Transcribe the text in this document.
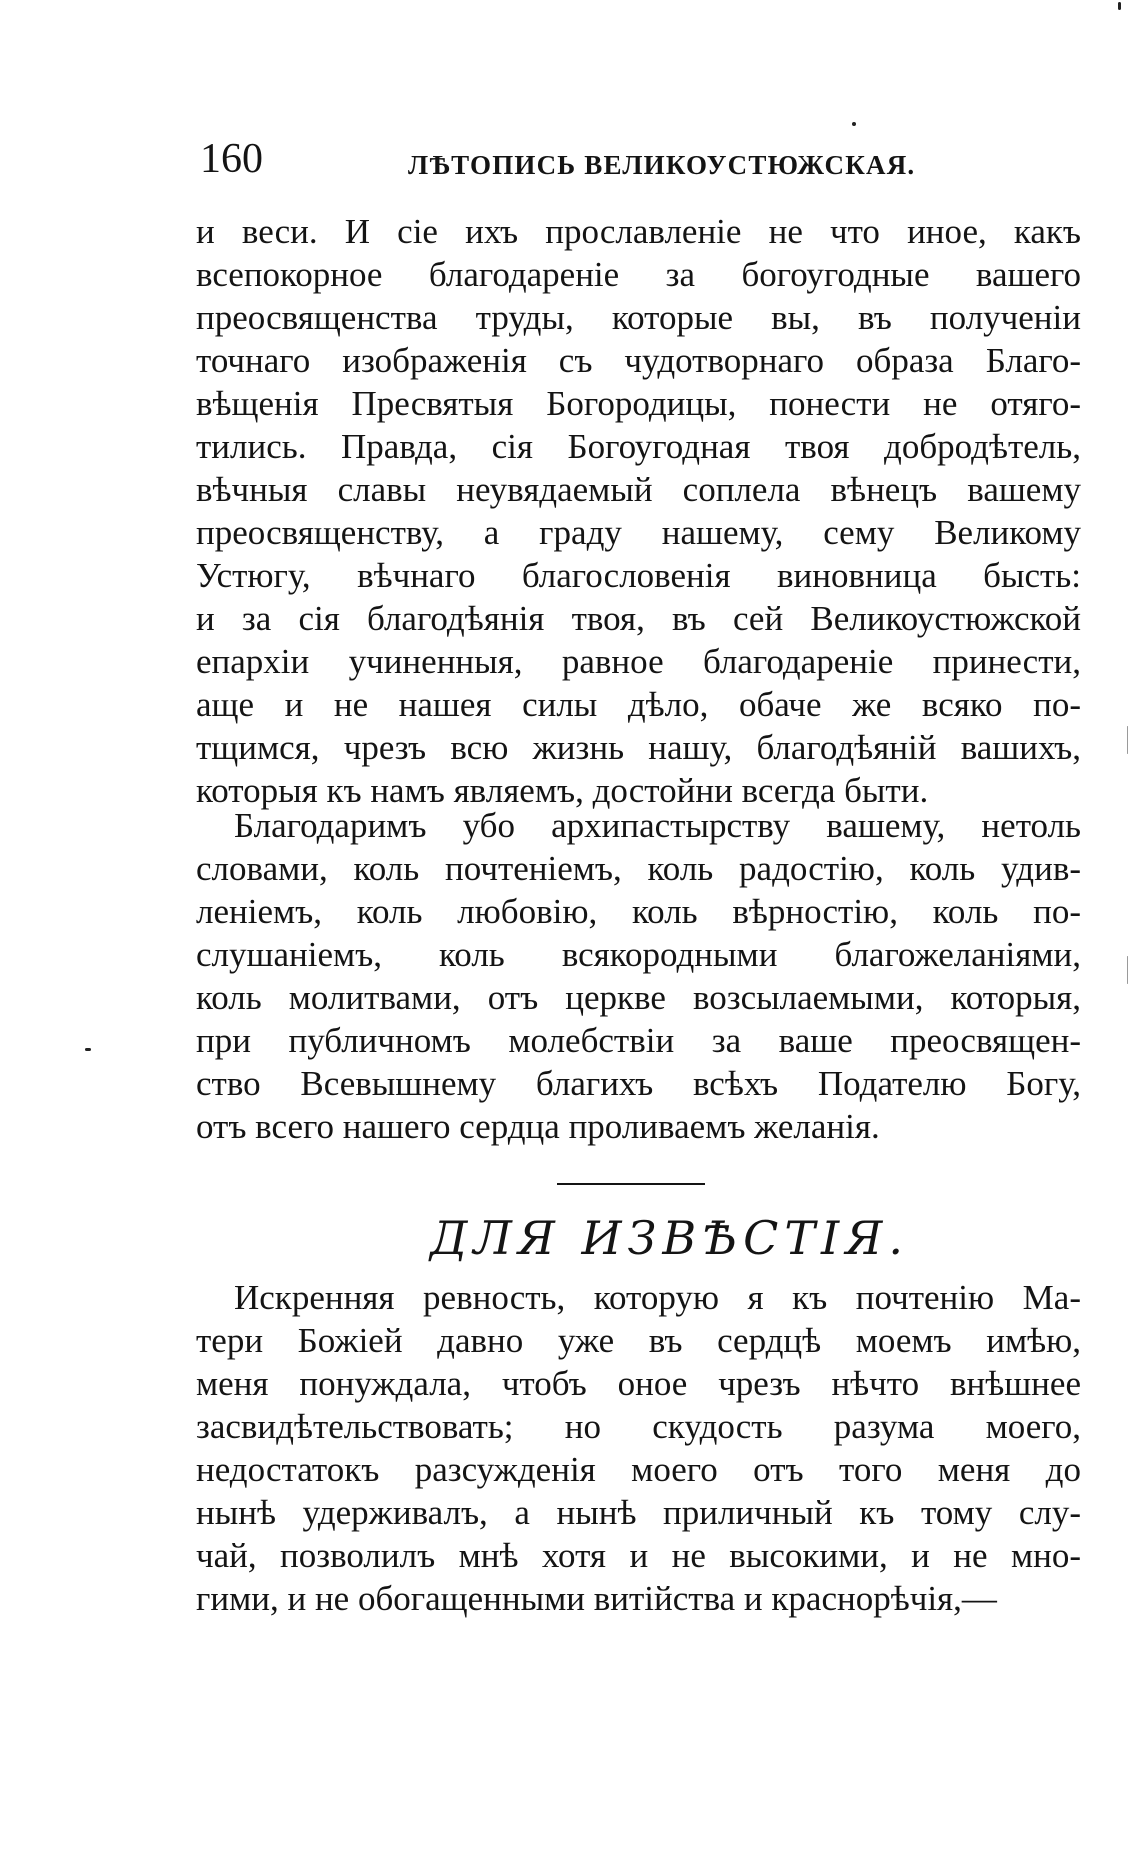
160	ЛѢТОПИСЬ ВЕЛИКОУСТЮЖСКАЯ.
и веси. И сіе ихъ прославленіе не что иное, какъ
всепокорное благодареніе за богоугодные вашего
преосвященства труды, которые вы, въ полученіи
точнаго изображенія съ чудотворнаго образа Благо-
вѣщенія Пресвятыя Богородицы, понести не отяго-
тились. Правда, сія Богоугодная твоя добродѣтель,
вѣчныя славы неувядаемый соплела вѣнецъ вашему
преосвященству, а граду нашему, сему Великому
Устюгу, вѣчнаго благословенія виновница бысть:
и за сія благодѣянія твоя, въ сей Великоустюжской
епархіи учиненныя, равное благодареніе принести,
аще и не нашея силы дѣло, обаче же всяко по-
тщимся, чрезъ всю жизнь нашу, благодѣяній вашихъ,
которыя къ намъ являемъ, достойни всегда быти.
Благодаримъ убо архипастырству вашему, нетоль
словами, коль почтеніемъ, коль радостію, коль удив-
леніемъ, коль любовію, коль вѣрностію, коль по-
слушаніемъ, коль всякородными благожеланіями,
коль молитвами, отъ церкве возсылаемыми, которыя,
при публичномъ молебствіи за ваше преосвящен-
ство Всевышнему благихъ всѣхъ Подателю Богу,
отъ всего нашего сердца проливаемъ желанія.
ДЛЯ ИЗВѢСТІЯ.
Искренняя ревность, которую я къ почтенію Ма-
тери Божіей давно уже въ сердцѣ моемъ имѣю,
меня понуждала, чтобъ оное чрезъ нѣчто внѣшнее
засвидѣтельствовать; но скудость разума моего,
недостатокъ разсужденія моего отъ того меня до
нынѣ удерживалъ, а нынѣ приличный къ тому слу-
чай, позволилъ мнѣ хотя и не высокими, и не мно-
гими, и не обогащенными витійства и краснорѣчія,—
